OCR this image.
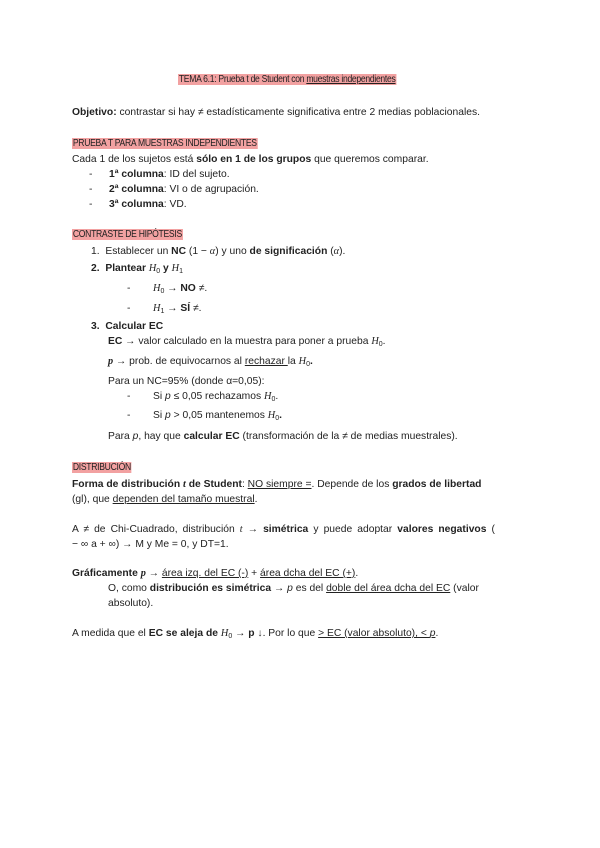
TEMA 6.1: Prueba t de Student con muestras independientes
Objetivo: contrastar si hay ≠ estadísticamente significativa entre 2 medias poblacionales.
PRUEBA T PARA MUESTRAS INDEPENDIENTES
Cada 1 de los sujetos está sólo en 1 de los grupos que queremos comparar.
- 1ª columna: ID del sujeto.
- 2ª columna: VI o de agrupación.
- 3ª columna: VD.
CONTRASTE DE HIPÓTESIS
1. Establecer un NC (1 − α) y uno de significación (α).
2. Plantear $H_0$ y $H_1$
- $H_0$ → NO ≠.
- $H_1$ → SÍ ≠.
3. Calcular EC
EC → valor calculado en la muestra para poner a prueba $H_0$.
p → prob. de equivocarnos al rechazar la $H_0$.
Para un NC=95% (donde α=0,05):
- Si p ≤ 0,05 rechazamos $H_0$.
- Si p > 0,05 mantenemos $H_0$.
Para p, hay que calcular EC (transformación de la ≠ de medias muestrales).
DISTRIBUCIÓN
Forma de distribución t de Student: NO siempre =. Depende de los grados de libertad
(gl), que dependen del tamaño muestral.
A ≠ de Chi-Cuadrado, distribución t → simétrica y puede adoptar valores negativos (
− ∞ a + ∞) → M y Me = 0, y DT=1.
Gráficamente p → área izq. del EC (-) + área dcha del EC (+).
O, como distribución es simétrica → p es del doble del área dcha del EC (valor
absoluto).
A medida que el EC se aleja de $H_0 \to p$ ↓. Por lo que > EC (valor absoluto), < p.
